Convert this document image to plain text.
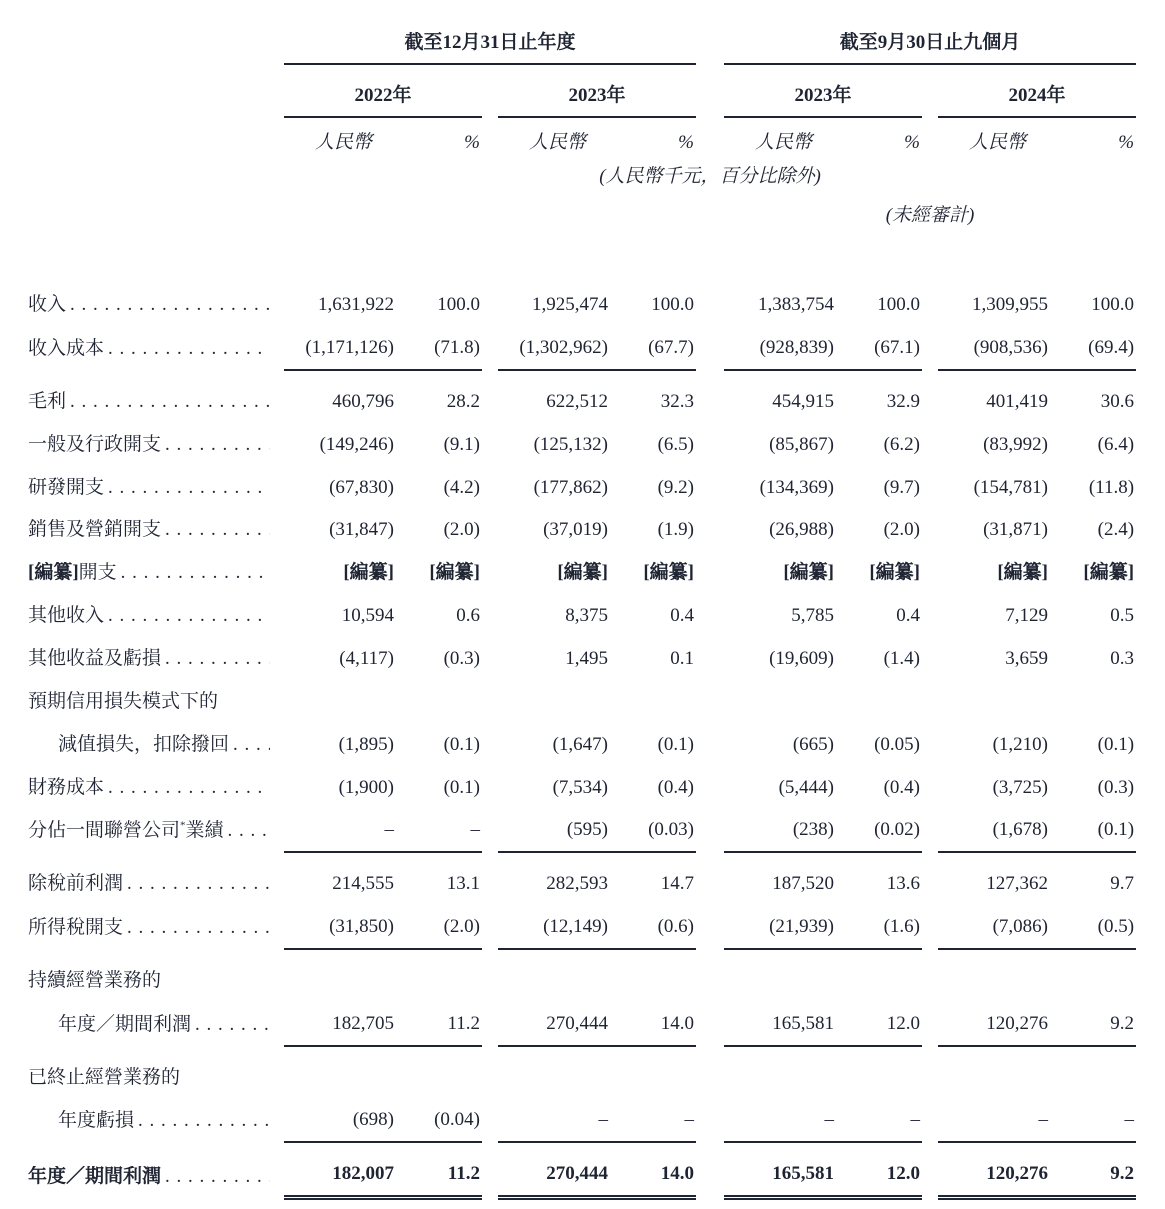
	截至12月31日止年度						截至9月30日止九個月				
	2022年			2023年			2023年			2024年	
	人民幣	%		人民幣	%		人民幣	%		人民幣	%
	(人民幣千元，百分比除外)										
							(未經審計)				

收入
. . .	1,631,922	100.0		1,925,474	100.0		1,383,754	100.0		1,309,955	100.0

收入成本
. . .	(1,171,126)	(71.8)		(1,302,962)	(67.7)		(928,839)	(67.1)		(908,536)	(69.4)

毛利
. . .	460,796	28.2		622,512	32.3		454,915	32.9		401,419	30.6

一般及行政開支
. . .	(149,246)	(9.1)		(125,132)	(6.5)		(85,867)	(6.2)		(83,992)	(6.4)

研發開支
. . .	(67,830)	(4.2)		(177,862)	(9.2)		(134,369)	(9.7)		(154,781)	(11.8)

銷售及營銷開支
. . .	(31,847)	(2.0)		(37,019)	(1.9)		(26,988)	(2.0)		(31,871)	(2.4)

[編纂]開支
. . .	[編纂]	[編纂]		[編纂]	[編纂]		[編纂]	[編纂]		[編纂]	[編纂]

其他收入
. . .	10,594	0.6		8,375	0.4		5,785	0.4		7,129	0.5

其他收益及虧損
. . .	(4,117)	(0.3)		1,495	0.1		(19,609)	(1.4)		3,659	0.3

預期信用損失模式下的											

減值損失，扣除撥回
. . .	(1,895)	(0.1)		(1,647)	(0.1)		(665)	(0.05)		(1,210)	(0.1)

財務成本
. . .	(1,900)	(0.1)		(7,534)	(0.4)		(5,444)	(0.4)		(3,725)	(0.3)

分佔一間聯營公司*業績
. . .	–	–		(595)	(0.03)		(238)	(0.02)		(1,678)	(0.1)

除稅前利潤
. . .	214,555	13.1		282,593	14.7		187,520	13.6		127,362	9.7

所得稅開支
. . .	(31,850)	(2.0)		(12,149)	(0.6)		(21,939)	(1.6)		(7,086)	(0.5)

持續經營業務的											

年度／期間利潤
. . .	182,705	11.2		270,444	14.0		165,581	12.0		120,276	9.2

已終止經營業務的											

年度虧損
. . .	(698)	(0.04)		–	–		–	–		–	–

年度／期間利潤
. . .	182,007	11.2		270,444	14.0		165,581	12.0		120,276	9.2
